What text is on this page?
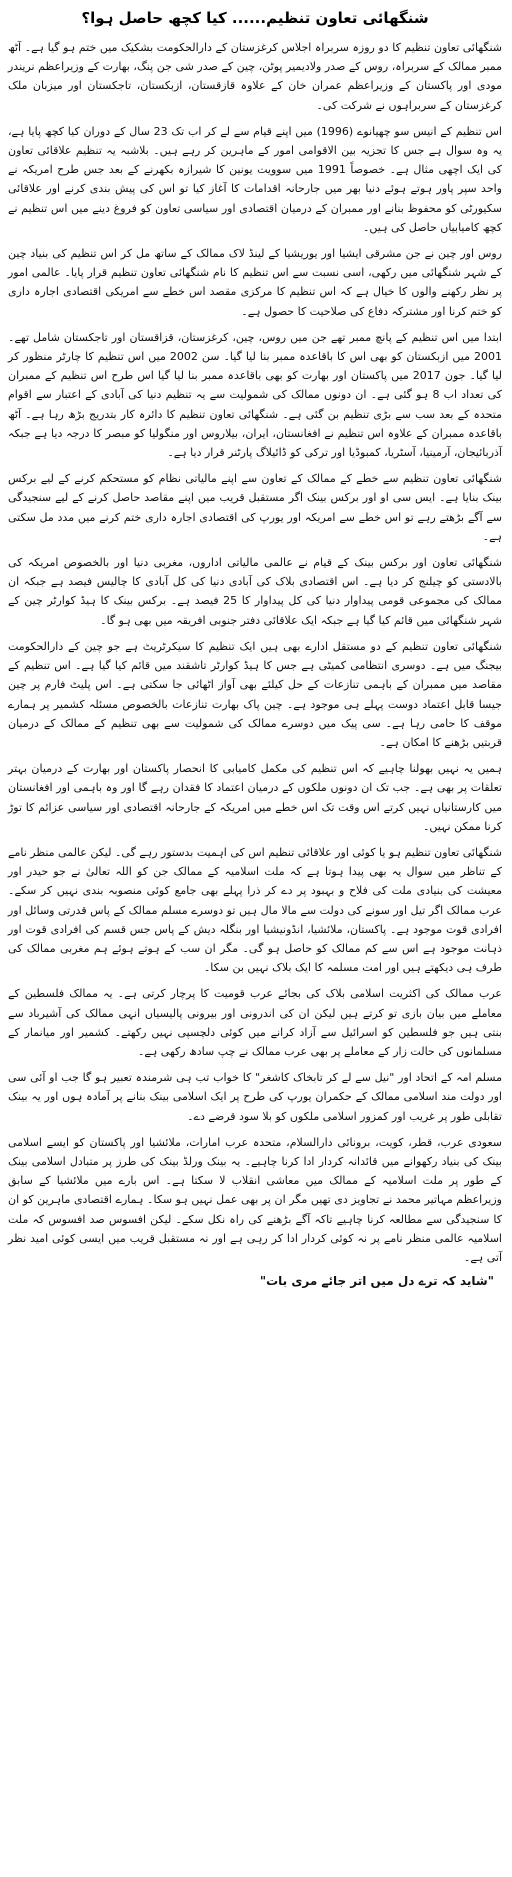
شنگھائی تعاون تنظیم...... کیا کچھ حاصل ہوا؟

شنگھائی تعاون تنظیم کا دو روزہ سربراہ اجلاس کرغزستان کے دارالحکومت بشکیک میں ختم ہو گیا ہے۔ آٹھ ممبر ممالک کے سربراہ، روس کے صدر ولادیمیر پوٹن، چین کے صدر شی جن پنگ، بھارت کے وزیراعظم نریندر مودی اور پاکستان کے وزیراعظم عمران خان کے علاوہ قازقستان، ازبکستان، تاجکستان اور میزبان ملک کرغزستان کے سربراہوں نے شرکت کی۔

اس تنظیم کے انیس سو چھیانوے (1996) میں اپنے قیام سے لے کر اب تک 23 سال کے دوران کیا کچھ پایا ہے، یہ وہ سوال ہے جس کا تجزیہ بین الاقوامی امور کے ماہرین کر رہے ہیں۔ بلاشبہ یہ تنظیم علاقائی تعاون کی ایک اچھی مثال ہے۔ خصوصاً 1991 میں سوویت یونین کا شیرازہ بکھرنے کے بعد جس طرح امریکہ نے واحد سپر پاور ہوتے ہوئے دنیا بھر میں جارحانہ اقدامات کا آغاز کیا تو اس کی پیش بندی کرنے اور علاقائی سکیورٹی کو محفوظ بنانے اور ممبران کے درمیان اقتصادی اور سیاسی تعاون کو فروغ دینے میں اس تنظیم نے کچھ کامیابیاں حاصل کی ہیں۔

روس اور چین نے جن مشرقی ایشیا اور یوریشیا کے لینڈ لاک ممالک کے ساتھ مل کر اس تنظیم کی بنیاد چین کے شہر شنگھائی میں رکھی، اسی نسبت سے اس تنظیم کا نام شنگھائی تعاون تنظیم قرار پایا۔ عالمی امور پر نظر رکھنے والوں کا خیال ہے کہ اس تنظیم کا مرکزی مقصد اس خطے سے امریکی اقتصادی اجارہ داری کو ختم کرنا اور مشترکہ دفاع کی صلاحیت کا حصول ہے۔

ابتدا میں اس تنظیم کے پانچ ممبر تھے جن میں روس، چین، کرغزستان، قزاقستان اور تاجکستان شامل تھے۔ 2001 میں ازبکستان کو بھی اس کا باقاعدہ ممبر بنا لیا گیا۔ سن 2002 میں اس تنظیم کا چارٹر منظور کر لیا گیا۔ جون 2017 میں پاکستان اور بھارت کو بھی باقاعدہ ممبر بنا لیا گیا اس طرح اس تنظیم کے ممبران کی تعداد اب 8 ہو گئی ہے۔ ان دونوں ممالک کی شمولیت سے یہ تنظیم دنیا کی آبادی کے اعتبار سے اقوام متحدہ کے بعد سب سے بڑی تنظیم بن گئی ہے۔ شنگھائی تعاون تنظیم کا دائرہ کار بتدریج بڑھ رہا ہے۔ آٹھ باقاعدہ ممبران کے علاوہ اس تنظیم نے افغانستان، ایران، بیلاروس اور منگولیا کو مبصر کا درجہ دیا ہے جبکہ آذربائیجان، آرمینیا، آسٹریا، کمبوڈیا اور ترکی کو ڈائیلاگ پارٹنر قرار دیا ہے۔

شنگھائی تعاون تنظیم سے خطے کے ممالک کے تعاون سے اپنے مالیاتی نظام کو مستحکم کرنے کے لیے برکس بینک بنایا ہے۔ ایس سی او اور برکس بینک اگر مستقبل قریب میں اپنے مقاصد حاصل کرنے کے لیے سنجیدگی سے آگے بڑھتے رہے تو اس خطے سے امریکہ اور یورپ کی اقتصادی اجارہ داری ختم کرنے میں مدد مل سکتی ہے۔

شنگھائی تعاون اور برکس بینک کے قیام نے عالمی مالیاتی اداروں، مغربی دنیا اور بالخصوص امریکہ کی بالادستی کو چیلنج کر دیا ہے۔ اس اقتصادی بلاک کی آبادی دنیا کی کل آبادی کا چالیس فیصد ہے جبکہ ان ممالک کی مجموعی قومی پیداوار دنیا کی کل پیداوار کا 25 فیصد ہے۔ برکس بینک کا ہیڈ کوارٹر چین کے شہر شنگھائی میں قائم کیا گیا ہے جبکہ ایک علاقائی دفتر جنوبی افریقہ میں بھی ہو گا۔

شنگھائی تعاون تنظیم کے دو مستقل ادارے بھی ہیں ایک تنظیم کا سیکرٹریٹ ہے جو چین کے دارالحکومت بیجنگ میں ہے۔ دوسری انتظامی کمیٹی ہے جس کا ہیڈ کوارٹر تاشقند میں قائم کیا گیا ہے۔ اس تنظیم کے مقاصد میں ممبران کے باہمی تنازعات کے حل کیلئے بھی آواز اٹھائی جا سکتی ہے۔ اس پلیٹ فارم پر چین جیسا قابل اعتماد دوست پہلے ہی موجود ہے۔ چین پاک بھارت تنازعات بالخصوص مسئلہ کشمیر پر ہمارے موقف کا حامی رہا ہے۔ سی پیک میں دوسرے ممالک کی شمولیت سے بھی تنظیم کے ممالک کے درمیان قربتیں بڑھنے کا امکان ہے۔

ہمیں یہ نہیں بھولنا چاہیے کہ اس تنظیم کی مکمل کامیابی کا انحصار پاکستان اور بھارت کے درمیان بہتر تعلقات پر بھی ہے۔ جب تک ان دونوں ملکوں کے درمیان اعتماد کا فقدان رہے گا اور وہ باہمی اور افغانستان میں کارستانیاں نہیں کرتے اس وقت تک اس خطے میں امریکہ کے جارحانہ اقتصادی اور سیاسی عزائم کا توڑ کرنا ممکن نہیں۔

شنگھائی تعاون تنظیم ہو یا کوئی اور علاقائی تنظیم اس کی اہمیت بدستور رہے گی۔ لیکن عالمی منظر نامے کے تناظر میں سوال یہ بھی پیدا ہوتا ہے کہ ملت اسلامیہ کے ممالک جن کو اللہ تعالیٰ نے جو حیدر اور معیشت کی بنیادی ملت کی فلاح و بہبود پر دے کر ذرا پہلے بھی جامع کوئی منصوبہ بندی نہیں کر سکے۔ عرب ممالک اگر تیل اور سونے کی دولت سے مالا مال ہیں تو دوسرے مسلم ممالک کے پاس قدرتی وسائل اور افرادی قوت موجود ہے۔ پاکستان، ملائشیا، انڈونیشیا اور بنگلہ دیش کے پاس جس قسم کی افرادی قوت اور ذہانت موجود ہے اس سے کم ممالک کو حاصل ہو گی۔ مگر ان سب کے ہوتے ہوئے ہم مغربی ممالک کی طرف ہی دیکھتے ہیں اور امت مسلمہ کا ایک بلاک نہیں بن سکا۔

عرب ممالک کی اکثریت اسلامی بلاک کی بجائے عرب قومیت کا پرچار کرتی ہے۔ یہ ممالک فلسطین کے معاملے میں بیان بازی تو کرتے ہیں لیکن ان کی اندرونی اور بیرونی پالیسیاں انہی ممالک کی آشیرباد سے بنتی ہیں جو فلسطین کو اسرائیل سے آزاد کرانے میں کوئی دلچسپی نہیں رکھتے۔ کشمیر اور میانمار کے مسلمانوں کی حالت زار کے معاملے پر بھی عرب ممالک نے چپ سادھ رکھی ہے۔

مسلم امہ کے اتحاد اور "نیل سے لے کر تابخاک کاشغر" کا خواب تب ہی شرمندہ تعبیر ہو گا جب او آئی سی اور دولت مند اسلامی ممالک کے حکمران یورپ کی طرح پر ایک اسلامی بینک بنانے پر آمادہ ہوں اور یہ بینک تقابلی طور پر غریب اور کمزور اسلامی ملکوں کو بلا سود قرضے دے۔

سعودی عرب، قطر، کویت، برونائی دارالسلام، متحدہ عرب امارات، ملائشیا اور پاکستان کو ایسے اسلامی بینک کی بنیاد رکھوانے میں قائدانہ کردار ادا کرنا چاہیے۔ یہ بینک ورلڈ بینک کی طرز پر متبادل اسلامی بینک کے طور پر ملت اسلامیہ کے ممالک میں معاشی انقلاب لا سکتا ہے۔ اس بارے میں ملائشیا کے سابق وزیراعظم مہاتیر محمد نے تجاویز دی تھیں مگر ان پر بھی عمل نہیں ہو سکا۔ ہمارے اقتصادی ماہرین کو ان کا سنجیدگی سے مطالعہ کرنا چاہیے تاکہ آگے بڑھنے کی راہ نکل سکے۔ لیکن افسوس صد افسوس کہ ملت اسلامیہ عالمی منظر نامے پر نہ کوئی کردار ادا کر رہی ہے اور نہ مستقبل قریب میں ایسی کوئی امید نظر آتی ہے۔

"شاید کہ ترے دل میں اتر جائے مری بات"
